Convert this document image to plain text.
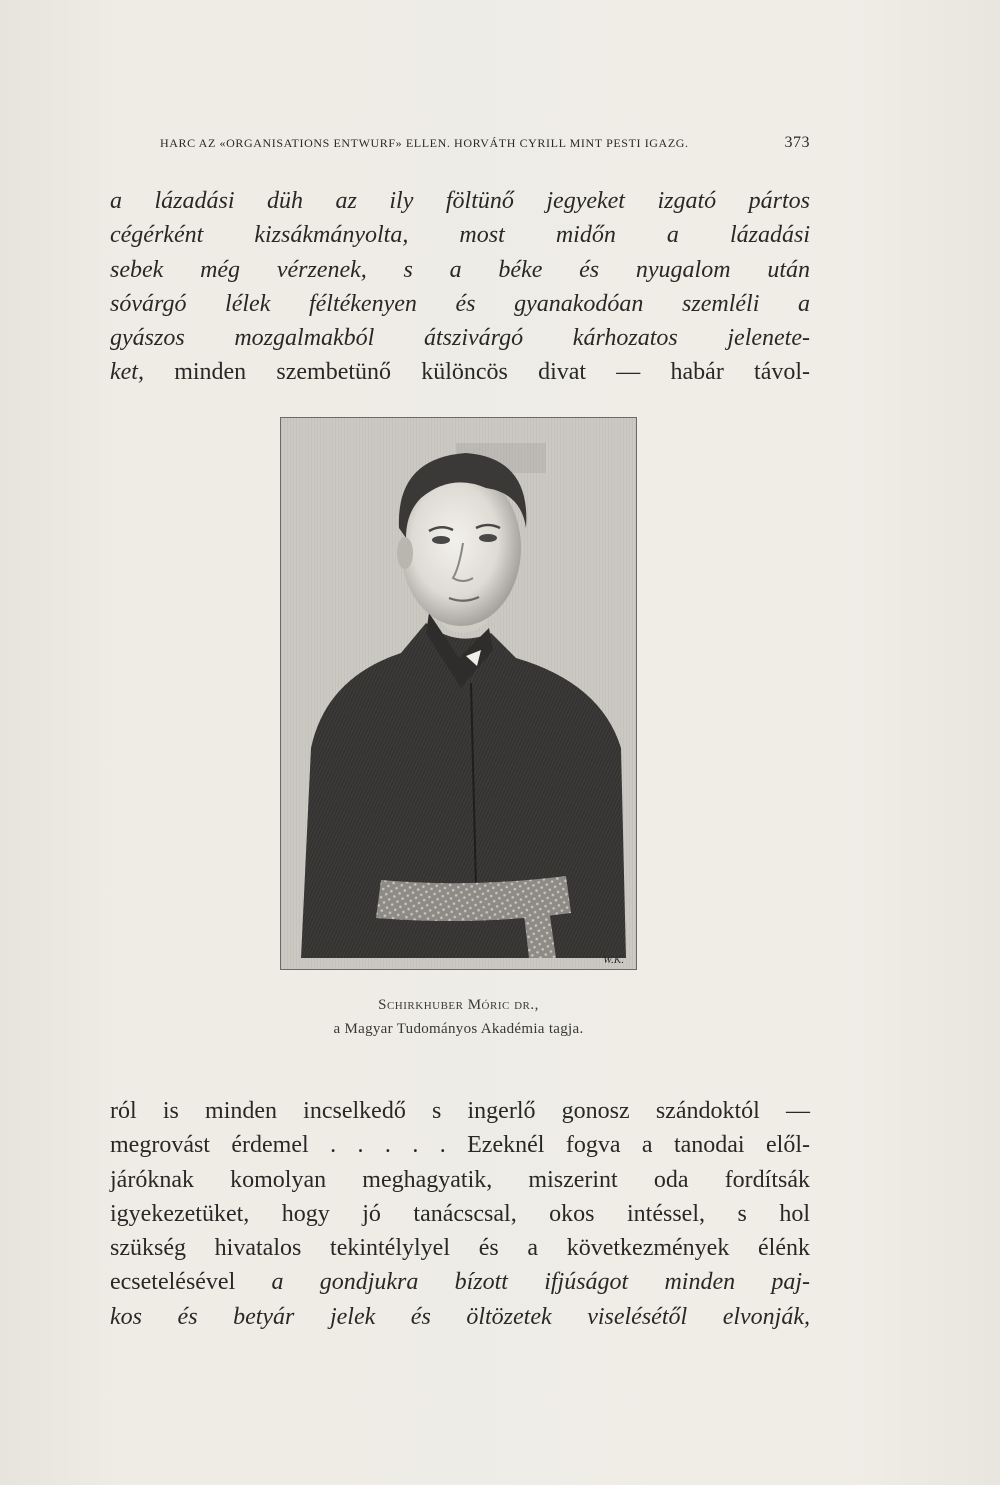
HARC AZ «ORGANISATIONS ENTWURF» ELLEN. HORVÁTH CYRILL MINT PESTI IGAZG.	373
a lázadási düh az ily föltünő jegyeket izgató pártos
cégérként kizsákmányolta, most midőn a lázadási
sebek még vérzenek, s a béke és nyugalom után
sóvárgó lélek féltékenyen és gyanakodóan szemléli a
gyászos mozgalmakból átszivárgó kárhozatos jelenete-
ket, minden szembetünő különcös divat — habár távol-
W.K.
Schirkhuber Móric dr.,
a Magyar Tudományos Akadémia tagja.
ról is minden incselkedő s ingerlő gonosz szándoktól —
megrovást érdemel . . . . . Ezeknél fogva a tanodai elől-
járóknak komolyan meghagyatik, miszerint oda fordítsák
igyekezetüket, hogy jó tanácscsal, okos intéssel, s hol
szükség hivatalos tekintélylyel és a következmények élénk
ecsetelésével a gondjukra bízott ifjúságot minden paj-
kos és betyár jelek és öltözetek viselésétől elvonják,
